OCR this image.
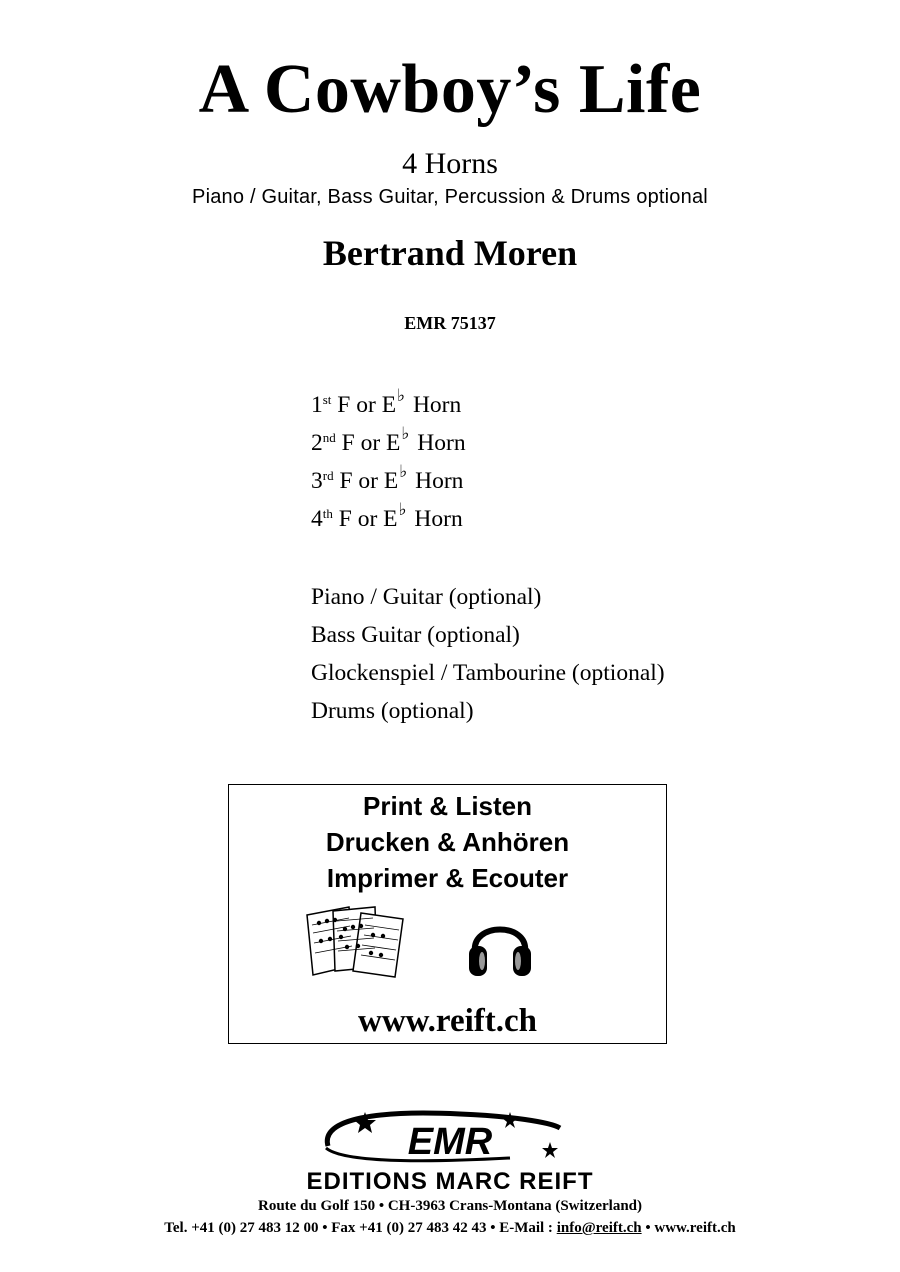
A Cowboy’s Life
4 Horns
Piano / Guitar, Bass Guitar, Percussion & Drums optional
Bertrand Moren
EMR 75137
1st F or E♭ Horn
2nd F or E♭ Horn
3rd F or E♭ Horn
4th F or E♭ Horn
Piano / Guitar (optional)
Bass Guitar (optional)
Glockenspiel / Tambourine (optional)
Drums (optional)
Print & Listen
Drucken & Anhören
Imprimer & Ecouter
www.reift.ch
EMR
EDITIONS MARC REIFT
Route du Golf 150 • CH-3963 Crans-Montana (Switzerland)
Tel. +41 (0) 27 483 12 00 • Fax +41 (0) 27 483 42 43 • E-Mail : info@reift.ch • www.reift.ch
